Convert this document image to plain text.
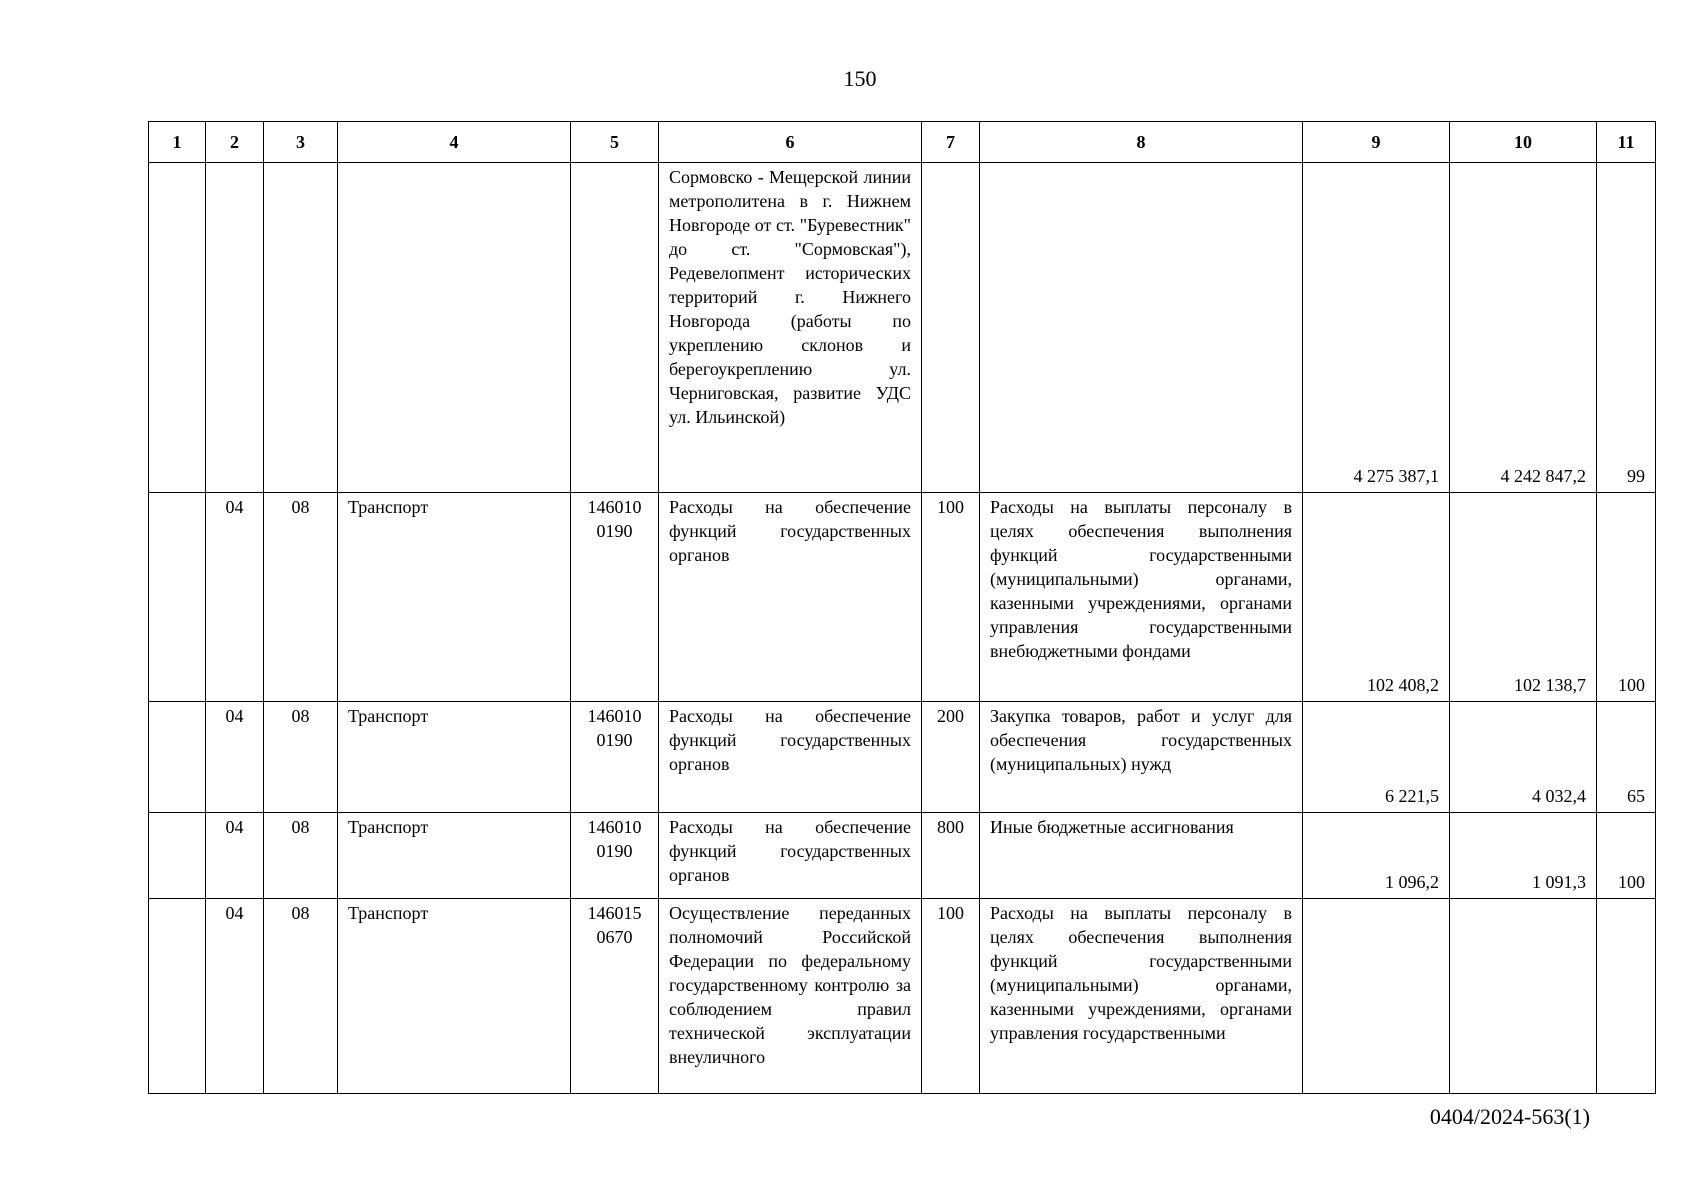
150
1	2	3	4	5	6	7	8	9	10	11
					Сормовско - Мещерской линии метрополитена в г. Нижнем Новгороде от ст. "Буревестник" до ст. "Сормовская"), Редевелопмент исторических территорий г. Нижнего Новгорода (работы по укреплению склонов и берегоукреплению ул. Черниговская, развитие УДС ул. Ильинской)			4 275 387,1	4 242 847,2	99
	04	08	Транспорт	146010 0190	Расходы на обеспечение функций государственных органов	100	Расходы на выплаты персоналу в целях обеспечения выполнения функций государственными (муниципальными) органами, казенными учреждениями, органами управления государственными внебюджетными фондами	102 408,2	102 138,7	100
	04	08	Транспорт	146010 0190	Расходы на обеспечение функций государственных органов	200	Закупка товаров, работ и услуг для обеспечения государственных (муниципальных) нужд	6 221,5	4 032,4	65
	04	08	Транспорт	146010 0190	Расходы на обеспечение функций государственных органов	800	Иные бюджетные ассигнования	1 096,2	1 091,3	100
	04	08	Транспорт	146015 0670	Осуществление переданных полномочий Российской Федерации по федеральному государственному контролю за соблюдением правил технической эксплуатации внеуличного	100	Расходы на выплаты персоналу в целях обеспечения выполнения функций государственными (муниципальными) органами, казенными учреждениями, органами управления государственными			
0404/2024-563(1)
